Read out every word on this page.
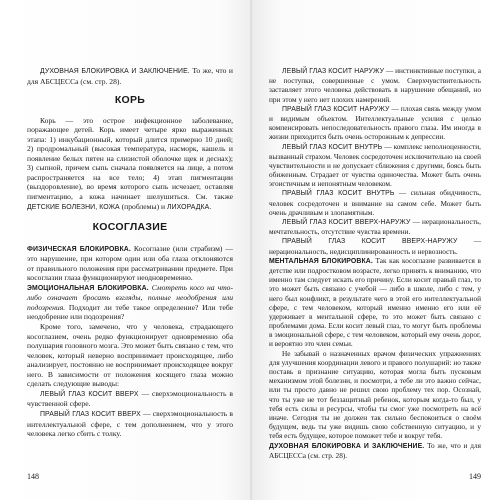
ДУХОВНАЯ БЛОКИРОВКА И ЗАКЛЮЧЕНИЕ. То же, что и для АБСЦЕССа (см. стр. 28).
КОРЬ
Корь — это острое инфекционное заболевание, поражающее детей. Корь имеет четыре ярко выраженных этапа: 1) инкубационный, который длится примерно 10 дней; 2) продромальный (высокая температура, насморк, кашель и появление белых пятен на слизистой оболочке щек и деснах); 3) сыпной, причем сыпь сначала появляется на лице, а потом распространяется на все тело; 4) этап пигментации (выздоровление), во время которого сыпь исчезает, оставляя пигментацию, а кожа начинает шелушиться. См. также ДЕТСКИЕ БОЛЕЗНИ, КОЖА (проблемы) и ЛИХОРАДКА.
КОСОГЛАЗИЕ
ФИЗИЧЕСКАЯ БЛОКИРОВКА. Косоглазие (или страбизм) — это нарушение, при котором один или оба глаза отклоняются от правильного положения при рассматривании предмете. При косоглазии глаза функционируют неодновременно.
ЭМОЦИОНАЛЬНАЯ БЛОКИРОВКА. Смотреть косо на что-либо означает бросать взгляды, полные неодобрения или подозрения. Подходит ли тебе такое определение? Или тебе неодобрение или подозрения?
Кроме того, замечено, что у человека, страдающего косоглазием, очень редко функционирует одновременно оба полушария головного мозга. Это может быть связано с тем, что человек, который неверно воспринимает происходящее, либо анализирует, постоянно не воспринимает происходящее вокруг него. В зависимости от положения косящего глаза можно сделать следующие выводы:
ЛЕВЫЙ ГЛАЗ КОСИТ ВВЕРХ — сверхэмоциональность в чувственной сфере.
ПРАВЫЙ ГЛАЗ КОСИТ ВВЕРХ — сверхэмоциональность в интеллектуальной сфере, с тем дополнением, что у этого человека легко сбить с толку.
148
ЛЕВЫЙ ГЛАЗ КОСИТ НАРУЖУ — инстинктивные поступки, а не поступки, совершенные с умом. Сверхчувствительность заставляет этого человека действовать в нарушение обещаний, но при этом у него нет плохих намерений.
ПРАВЫЙ ГЛАЗ КОСИТ НАРУЖУ — плохая связь между умом и видимым объектом. Интеллектуальные усилия с целью компенсировать непоследовательность правого глаза. Им иногда в жизни приходится быть очень осторожным к депрессии.
ЛЕВЫЙ ГЛАЗ КОСИТ ВНУТРЬ — комплекс неполноценности, вызванный страхом. Человек сосредоточен исключительно на своей чувствительности и не допускает сближения с другими, боясь быть обиженным. Страдает от чувства одиночества. Может быть очень эгоистичным и непонятным человеком.
ПРАВЫЙ ГЛАЗ КОСИТ ВНУТРЬ — сильная обидчивость, человек сосредоточен и внимание на самом себе. Может быть очень драчливым и злопамятным.
ЛЕВЫЙ ГЛАЗ КОСИТ ВВЕРХ-НАРУЖУ — нерациональность, мечтательность, отсутствие чувства времени.
ПРАВЫЙ ГЛАЗ КОСИТ ВВЕРХ-НАРУЖУ — нерациональность, недисциплинированность и нервозность.
МЕНТАЛЬНАЯ БЛОКИРОВКА. Так как косоглазие развивается в детстве или подростковом возрасте, легко принять к вниманию, что именно там следует искать его причину. Если косит правый глаз, то это может быть связано с учебой — либо в школе, либо с тем, у него был конфликт, в результате чего в этой его интеллектуальной сфере, с тем человеком, который именно именно его или её удерживает в ментальной сфере, то это может быть связано с проблемами дома. Если косит левый глаз, то могут быть проблемы в эмоциональной сфере, с тем человеком, который ему очень дорог, и вероятно это член семьи.
Не забывай о назначенных врачом физических упражнениях для улучшения координации левого и правого полушарий: но также поставь в признание ситуацию, которая могла быть пусковым механизмом этой болезни, и посмотри, а тебе ли это важно сейчас, или ты просто давно не решил свою проблему тех пор. Осознай, что ты уже не тот беззащитный ребенок, которым когда-то был, у тебя есть силы и ресурсы, чтобы ты смог уже посмотреть на всё иначе. Сегодня ты не должен так сильно беспокоиться о своём будущем, ведь ты уже видишь свою собственную ситуацию, и у тебя есть будущее, которое поможет тебе и вокруг тебя.
ДУХОВНАЯ БЛОКИРОВКА И ЗАКЛЮЧЕНИЕ. То же, что и для АБСЦЕССа (см. стр. 28).
149
